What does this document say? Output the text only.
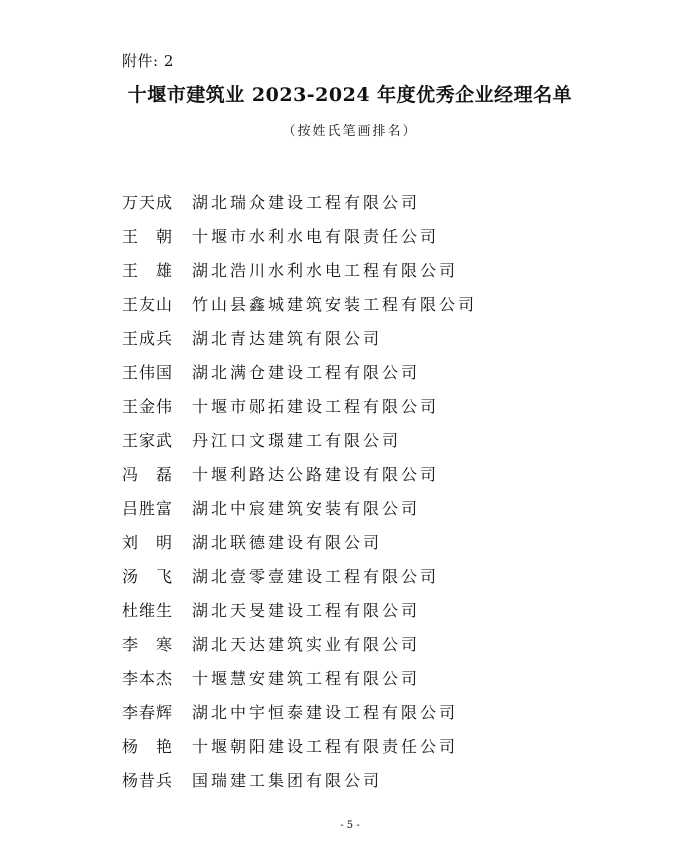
附件: 2
十堰市建筑业 2023-2024 年度优秀企业经理名单
（按姓氏笔画排名）
万天成	湖北瑞众建设工程有限公司
王　朝	十堰市水利水电有限责任公司
王　雄	湖北浩川水利水电工程有限公司
王友山	竹山县鑫城建筑安装工程有限公司
王成兵	湖北青达建筑有限公司
王伟国	湖北满仓建设工程有限公司
王金伟	十堰市郧拓建设工程有限公司
王家武	丹江口文璟建工有限公司
冯　磊	十堰利路达公路建设有限公司
吕胜富	湖北中宸建筑安装有限公司
刘　明	湖北联德建设有限公司
汤　飞	湖北壹零壹建设工程有限公司
杜维生	湖北天旻建设工程有限公司
李　寒	湖北天达建筑实业有限公司
李本杰	十堰慧安建筑工程有限公司
李春辉	湖北中宇恒泰建设工程有限公司
杨　艳	十堰朝阳建设工程有限责任公司
杨昔兵	国瑞建工集团有限公司
- 5 -
